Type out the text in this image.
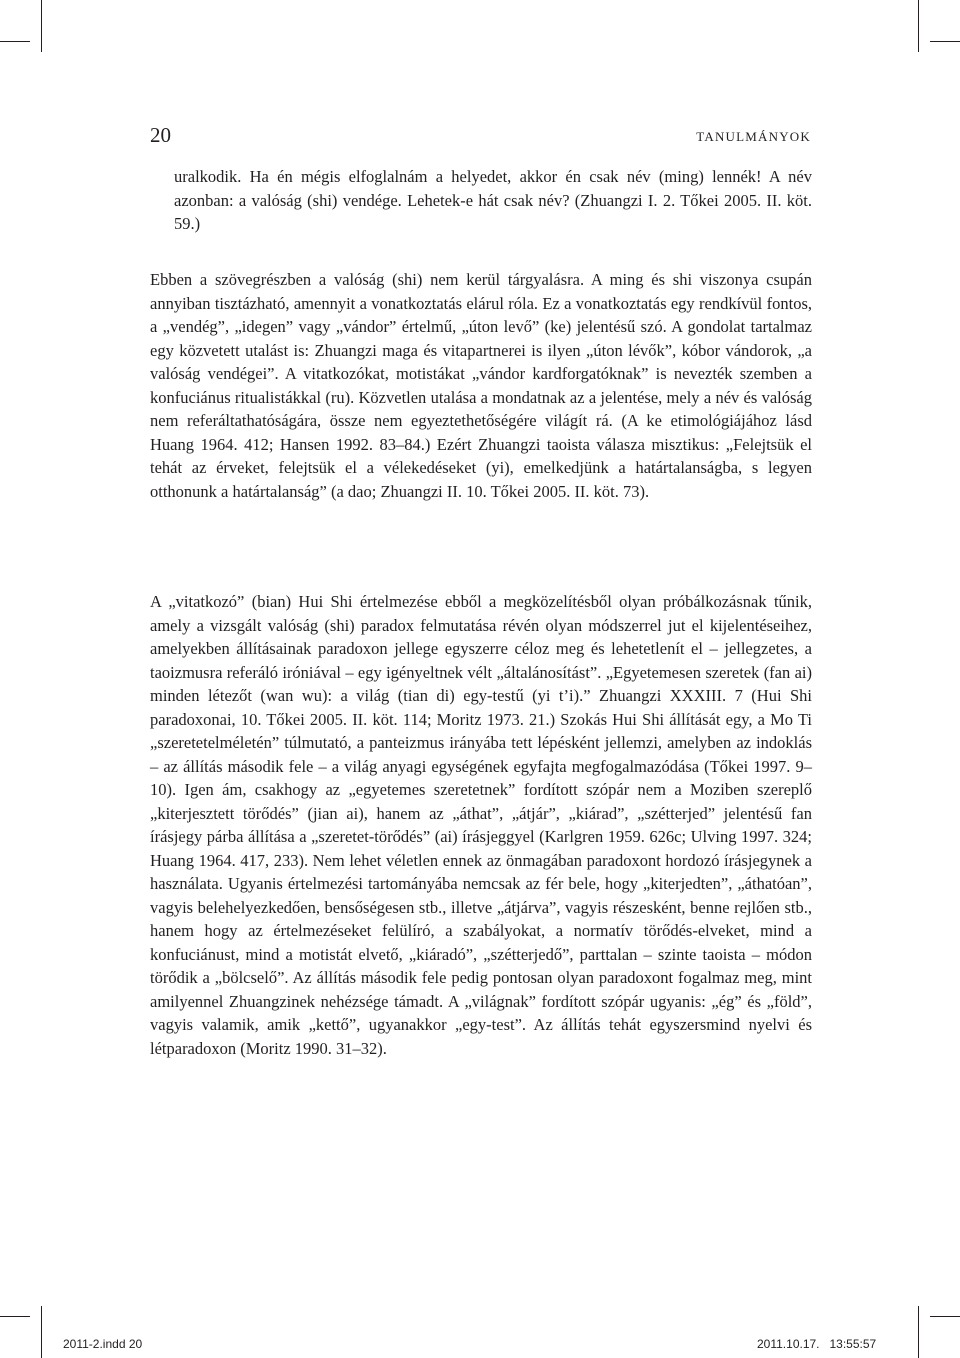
20	TANULMÁNYOK

uralkodik. Ha én mégis elfoglalnám a helyedet, akkor én csak név (ming) lennék! A név azonban: a valóság (shi) vendége. Lehetek-e hát csak név? (Zhuangzi I. 2. Tőkei 2005. II. köt. 59.)

Ebben a szövegrészben a valóság (shi) nem kerül tárgyalásra. A ming és shi viszonya csupán annyiban tisztázható, amennyit a vonatkoztatás elárul róla. Ez a vonatkoztatás egy rendkívül fontos, a „vendég”, „idegen” vagy „vándor” értelmű, „úton levő” (ke) jelentésű szó. A gondolat tartalmaz egy közvetett utalást is: Zhuangzi maga és vitapartnerei is ilyen „úton lévők”, kóbor vándorok, „a valóság vendégei”. A vitatkozókat, motistákat „vándor kardforgatóknak” is nevezték szemben a konfuciánus ritualistákkal (ru). Közvetlen utalása a mondatnak az a jelentése, mely a név és valóság nem referáltathatóságára, össze nem egyeztethetőségére világít rá. (A ke etimológiájához lásd Huang 1964. 412; Hansen 1992. 83–84.) Ezért Zhuangzi taoista válasza misztikus: „Felejtsük el tehát az érveket, felejtsük el a vélekedéseket (yi), emelkedjünk a határtalanságba, s legyen otthonunk a határtalanság” (a dao; Zhuangzi II. 10. Tőkei 2005. II. köt. 73).

A „vitatkozó” (bian) Hui Shi értelmezése ebből a megközelítésből olyan próbálkozásnak tűnik, amely a vizsgált valóság (shi) paradox felmutatása révén olyan módszerrel jut el kijelentéseihez, amelyekben állításainak paradoxon jellege egyszerre céloz meg és lehetetlenít el – jellegzetes, a taoizmusra referáló iróniával – egy igényeltnek vélt „általánosítást”. „Egyetemesen szeretek (fan ai) minden létezőt (wan wu): a világ (tian di) egy-testű (yi t’i).” Zhuangzi XXXIII. 7 (Hui Shi paradoxonai, 10. Tőkei 2005. II. köt. 114; Moritz 1973. 21.) Szokás Hui Shi állítását egy, a Mo Ti „szeretetelméletén” túlmutató, a panteizmus irányába tett lépésként jellemzi, amelyben az indoklás – az állítás második fele – a világ anyagi egységének egyfajta megfogalmazódása (Tőkei 1997. 9–10). Igen ám, csakhogy az „egyetemes szeretetnek” fordított szópár nem a Moziben szereplő „kiterjesztett törődés” (jian ai), hanem az „áthat”, „átjár”, „kiárad”, „szétterjed” jelentésű fan írásjegy párba állítása a „szeretet-törődés” (ai) írásjeggyel (Karlgren 1959. 626c; Ulving 1997. 324; Huang 1964. 417, 233). Nem lehet véletlen ennek az önmagában paradoxont hordozó írásjegynek a használata. Ugyanis értelmezési tartományába nemcsak az fér bele, hogy „kiterjedten”, „áthatóan”, vagyis belehelyezkedően, bensőségesen stb., illetve „átjárva”, vagyis részesként, benne rejlően stb., hanem hogy az értelmezéseket felülíró, a szabályokat, a normatív törődés-elveket, mind a konfuciánust, mind a motistát elvető, „kiáradó”, „szétterjedő”, parttalan – szinte taoista – módon törődik a „bölcselő”. Az állítás második fele pedig pontosan olyan paradoxont fogalmaz meg, mint amilyennel Zhuangzinek nehézsége támadt. A „világnak” fordított szópár ugyanis: „ég” és „föld”, vagyis valamik, amik „kettő”, ugyanakkor „egy-test”. Az állítás tehát egyszersmind nyelvi és létparadoxon (Moritz 1990. 31–32).

2011-2.indd 20	2011.10.17.   13:55:57
